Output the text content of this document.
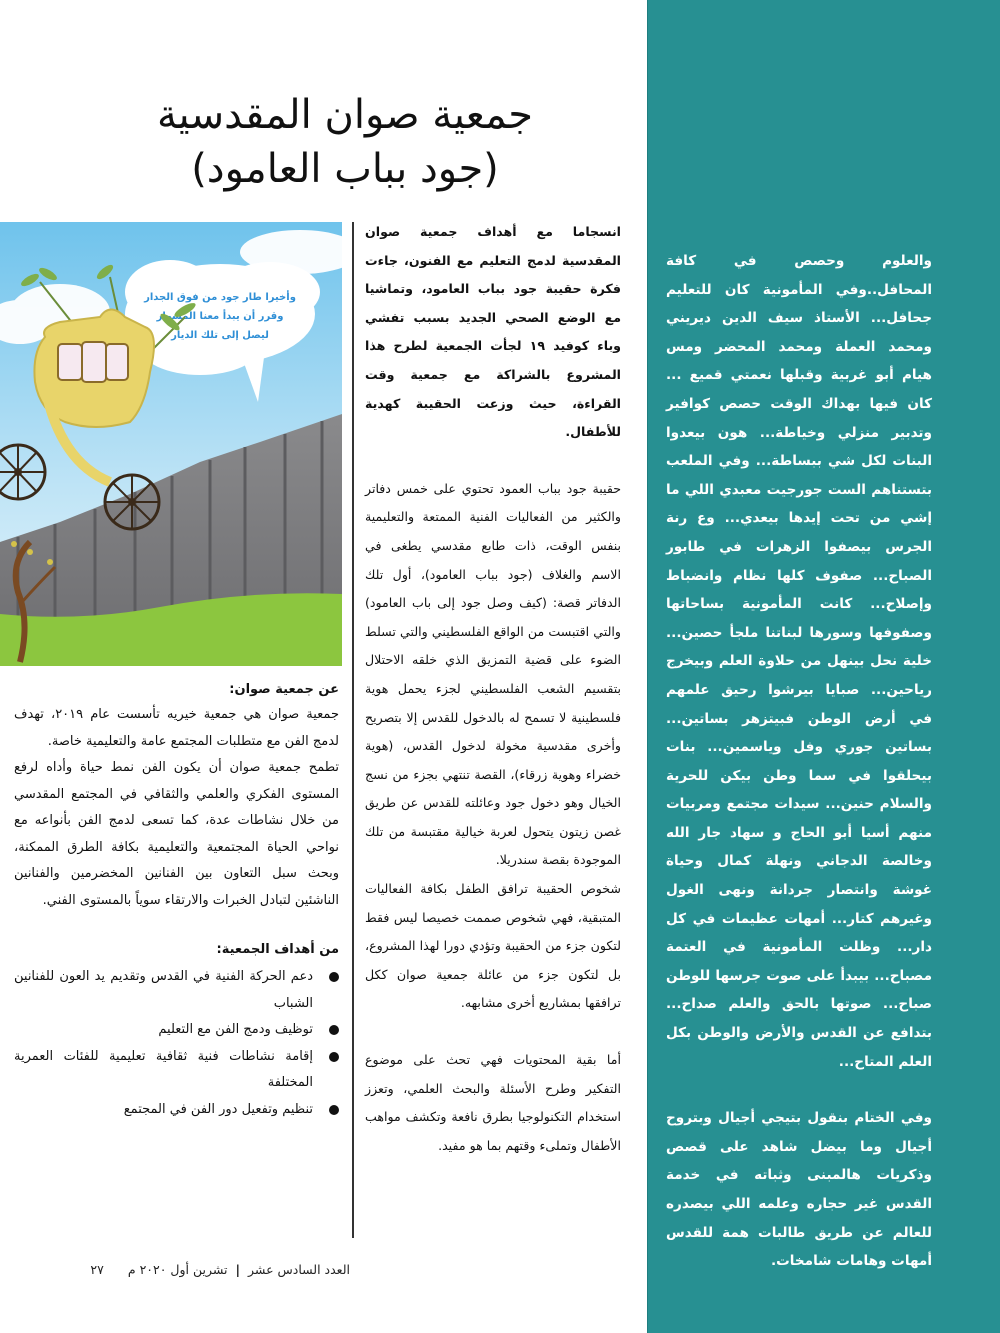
والعلوم وحصص في كافة المحافل..وفي المأمونية كان للتعليم جحافل... الأستاذ سيف الدين ديريني ومحمد العملة ومحمد المحضر ومس هيام أبو غربية وقبلها نعمتي قميع ... كان فيها بهداك الوقت حصص كوافير وتدبير منزلي وخياطة... هون بيعدوا البنات لكل شي ببساطة... وفي الملعب بتستناهم الست جورجيت معبدي اللي ما إشي من تحت إيدها بيعدي... وع رنة الجرس بيصفوا الزهرات في طابور الصباح... صفوف كلها نظام وانضباط وإصلاح... كانت المأمونية بساحاتها وصفوفها وسورها لبناتنا ملجأ حصين... خلية نحل بينهل من حلاوة العلم وبيخرج رياحين... صبايا بيرشوا رحيق علمهم في أرض الوطن فبيتزهر بساتين... بساتين جوري وفل وياسمين... بنات بيحلقوا في سما وطن بيكن للحرية والسلام حنين... سيدات مجتمع ومربيات منهم أسيا أبو الحاج و سهاد جار الله وخالصة الدجاني ونهلة كمال وحياة غوشة وانتصار جردانة ونهى الغول وغيرهم كتار... أمهات عظيمات في كل دار... وظلت المأمونية في العتمة مصباح... بيبدأ على صوت جرسها للوطن صباح... صوتها بالحق والعلم صداح... بتدافع عن القدس والأرض والوطن بكل العلم المتاح...

وفي الختام بنقول بتيجي أجيال وبتروح أجيال وما بيضل شاهد على قصص وذكريات هالمبنى وثباته في خدمة القدس غير حجاره وعلمه اللي بيصدره للعالم عن طريق طالبات همة للقدس أمهات وهامات شامخات.

جمعية صوان المقدسية
(جود بباب العامود)

انسجاما مع أهداف جمعية صوان المقدسية لدمج التعليم مع الفنون، جاءت فكرة حقيبة جود بباب العامود، وتماشيا مع الوضع الصحي الجديد بسبب تفشي وباء كوفيد ١٩ لجأت الجمعية لطرح هذا المشروع بالشراكة مع جمعية وقت القراءة، حيث وزعت الحقيبة كهدية للأطفال.

حقيبة جود بباب العمود تحتوي على خمس دفاتر والكثير من الفعاليات الفنية الممتعة والتعليمية بنفس الوقت، ذات طابع مقدسي يطغى في الاسم والغلاف (جود بباب العامود)، أول تلك الدفاتر قصة: (كيف وصل جود إلى باب العامود) والتي اقتبست من الواقع الفلسطيني والتي تسلط الضوء على قضية التمزيق الذي خلقه الاحتلال بتقسيم الشعب الفلسطيني لجزء يحمل هوية فلسطينية لا تسمح له بالدخول للقدس إلا بتصريح وأخرى مقدسية مخولة لدخول القدس، (هوية خضراء وهوية زرقاء)، القصة تنتهي بجزء من نسج الخيال وهو دخول جود وعائلته للقدس عن طريق غصن زيتون يتحول لعربة خيالية مقتبسة من تلك الموجودة بقصة سندريلا.

شخوص الحقيبة ترافق الطفل بكافة الفعاليات المتبقية، فهي شخوص صممت خصيصا ليس فقط لتكون جزء من الحقيبة وتؤدي دورا لهذا المشروع، بل لتكون جزء من عائلة جمعية صوان ككل ترافقها بمشاريع أخرى مشابهه.

أما بقية المحتويات فهي تحث على موضوع التفكير وطرح الأسئلة والبحث العلمي، وتعزز استخدام التكنولوجيا بطرق نافعة وتكشف مواهب الأطفال وتملىء وقتهم بما هو مفيد.

وأخيرا طار جود من فوق الجدار
وقرر أن يبدأ معنا المشوار
ليصل إلى تلك الديار
عن جمعية صوان:

جمعية صوان هي جمعية خيريه تأسست عام ٢٠١٩، تهدف لدمج الفن مع متطلبات المجتمع عامة والتعليمية خاصة.

تطمح جمعية صوان أن يكون الفن نمط حياة وأداه لرفع المستوى الفكري والعلمي والثقافي في المجتمع المقدسي من خلال نشاطات عدة، كما تسعى لدمج الفن بأنواعه مع نواحي الحياة المجتمعية والتعليمية بكافة الطرق الممكنة، وبحث سبل التعاون بين الفنانين المخضرمين والفنانين الناشئين لتبادل الخبرات والارتقاء سوياً بالمستوى الفني.

من أهداف الجمعية:
دعم الحركة الفنية في القدس وتقديم يد العون للفنانين الشباب
توظيف ودمج الفن مع التعليم
إقامة نشاطات فنية ثقافية تعليمية للفئات العمرية المختلفة
تنظيم وتفعيل دور الفن في المجتمع
العدد السادس عشر | تشرين أول ٢٠٢٠ م ٢٧
